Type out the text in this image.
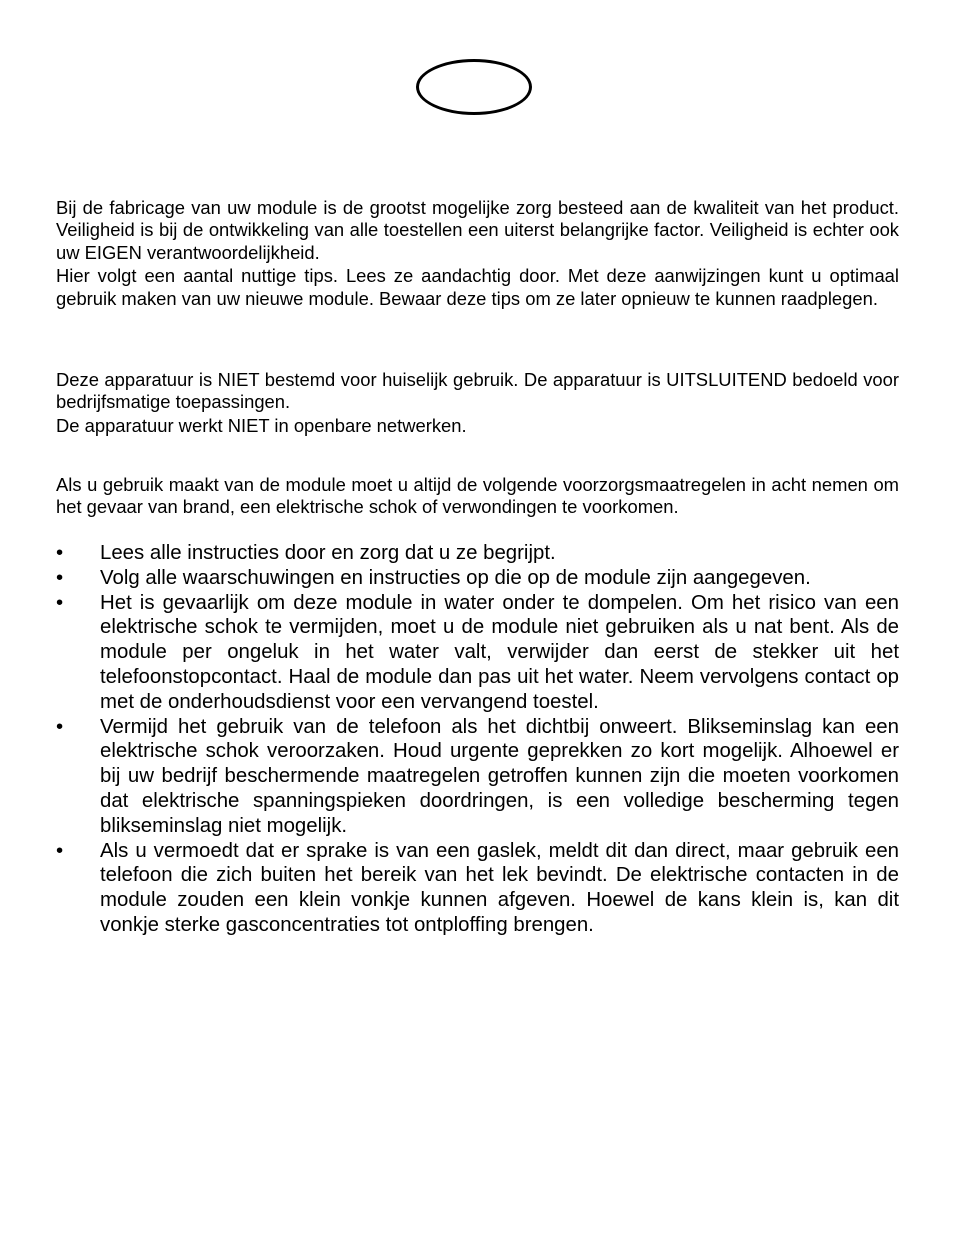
Bij de fabricage van uw module is de grootst mogelijke zorg besteed aan de kwaliteit van het product. Veiligheid is bij de ontwikkeling van alle toestellen een uiterst belangrijke factor. Veiligheid is echter ook uw EIGEN verantwoordelijkheid.

Hier volgt een aantal nuttige tips. Lees ze aandachtig door. Met deze aanwijzingen kunt u optimaal gebruik maken van uw nieuwe module. Bewaar deze tips om ze later opnieuw te kunnen raadplegen.

Deze apparatuur is NIET bestemd voor huiselijk gebruik. De apparatuur is UITSLUITEND bedoeld voor bedrijfsmatige toepassingen.

De apparatuur werkt NIET in openbare netwerken.

Als u gebruik maakt van de module moet u altijd de volgende voorzorgsmaatregelen in acht nemen om het gevaar van brand, een elektrische schok of verwondingen te voorkomen.

• Lees alle instructies door en zorg dat u ze begrijpt.
• Volg alle waarschuwingen en instructies op die op de module zijn aangegeven.
• Het is gevaarlijk om deze module in water onder te dompelen. Om het risico van een elektrische schok te vermijden, moet u de module niet gebruiken als u nat bent. Als de module per ongeluk in het water valt, verwijder dan eerst de stekker uit het telefoonstopcontact. Haal de module dan pas uit het water. Neem vervolgens contact op met de onderhoudsdienst voor een vervangend toestel.
• Vermijd het gebruik van de telefoon als het dichtbij onweert. Blikseminslag kan een elektrische schok veroorzaken. Houd urgente geprekken zo kort mogelijk. Alhoewel er bij uw bedrijf beschermende maatregelen getroffen kunnen zijn die moeten voorkomen dat elektrische spanningspieken doordringen, is een volledige bescherming tegen blikseminslag niet mogelijk.
• Als u vermoedt dat er sprake is van een gaslek, meldt dit dan direct, maar gebruik een telefoon die zich buiten het bereik van het lek bevindt. De elektrische contacten in de module zouden een klein vonkje kunnen afgeven. Hoewel de kans klein is, kan dit vonkje sterke gasconcentraties tot ontploffing brengen.
